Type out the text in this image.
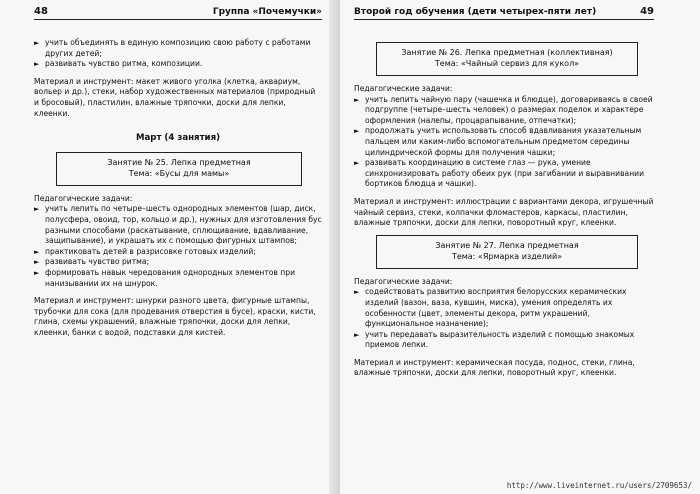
48	Группа «Почемучки»
► учить объединять в единую композицию свою работу с работами других детей;
► развивать чувство ритма, композиции.
Материал и инструмент: макет живого уголка (клетка, аквариум, вольер и др.), стеки, набор художественных материалов (природный и бросовый), пластилин, влажные тряпочки, доски для лепки, клеенки.
Март (4 занятия)
Занятие № 25. Лепка предметная
Тема: «Бусы для мамы»
Педагогические задачи:
► учить лепить по четыре–шесть однородных элементов (шар, диск, полусфера, овоид, тор, кольцо и др.), нужных для изготовления бус разными способами (раскатывание, сплющивание, вдавливание, защипывание), и украшать их с помощью фигурных штампов;
► практиковать детей в разрисовке готовых изделий;
► развивать чувство ритма;
► формировать навык чередования однородных элементов при нанизывании их на шнурок.
Материал и инструмент: шнурки разного цвета, фигурные штампы, трубочки для сока (для продевания отверстия в бусе), краски, кисти, глина, схемы украшений, влажные тряпочки, доски для лепки, клеенки, банки с водой, подставки для кистей.
Второй год обучения (дети четырех-пяти лет)	49
Занятие № 26. Лепка предметная (коллективная)
Тема: «Чайный сервиз для кукол»
Педагогические задачи:
► учить лепить чайную пару (чашечка и блюдце), договариваясь в своей подгруппе (четыре–шесть человек) о размерах поделок и характере оформления (налепы, процарапывание, отпечатки);
► продолжать учить использовать способ вдавливания указательным пальцем или каким-либо вспомогательным предметом середины цилиндрической формы для получения чашки;
► развивать координацию в системе глаз — рука, умение синхронизировать работу обеих рук (при загибании и выравнивании бортиков блюдца и чашки).
Материал и инструмент: иллюстрации с вариантами декора, игрушечный чайный сервиз, стеки, колпачки фломастеров, каркасы, пластилин, влажные тряпочки, доски для лепки, поворотный круг, клеенки.
Занятие № 27. Лепка предметная
Тема: «Ярмарка изделий»
Педагогические задачи:
► содействовать развитию восприятия белорусских керамических изделий (вазон, ваза, кувшин, миска), умения определять их особенности (цвет, элементы декора, ритм украшений, функциональное назначение);
► учить передавать выразительность изделий с помощью знакомых приемов лепки.
Материал и инструмент: керамическая посуда, поднос, стеки, глина, влажные тряпочки, доски для лепки, поворотный круг, клеенки.
http://www.liveinternet.ru/users/2709653/
